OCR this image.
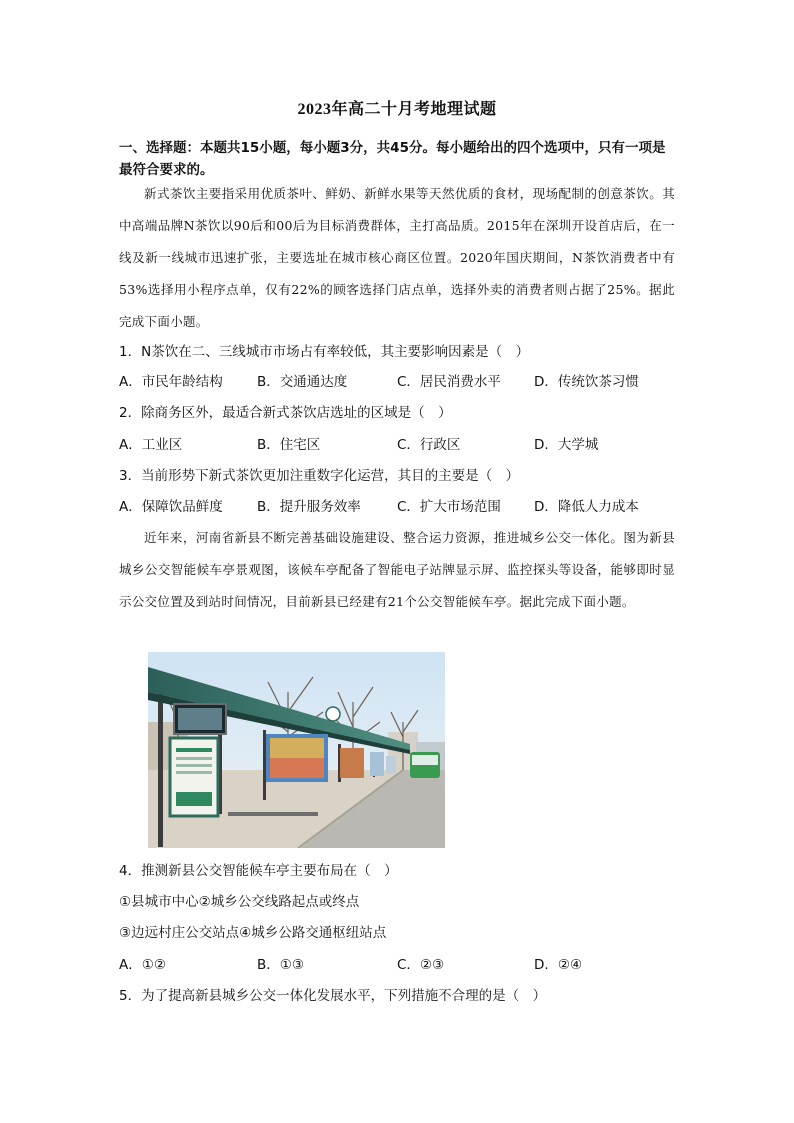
2023年高二十月考地理试题
一、选择题：本题共15小题，每小题3分，共45分。每小题给出的四个选项中，只有一项是最符合要求的。

新式茶饮主要指采用优质茶叶、鲜奶、新鲜水果等天然优质的食材，现场配制的创意茶饮。其中高端品牌N茶饮以90后和00后为目标消费群体，主打高品质。2015年在深圳开设首店后，在一线及新一线城市迅速扩张，主要选址在城市核心商区位置。2020年国庆期间，N茶饮消费者中有53%选择用小程序点单，仅有22%的顾客选择门店点单，选择外卖的消费者则占据了25%。据此完成下面小题。

1．N茶饮在二、三线城市市场占有率较低，其主要影响因素是（　）
A．市民年龄结构	B．交通通达度	C．居民消费水平 D．传统饮茶习惯
2．除商务区外，最适合新式茶饮店选址的区域是（　）
A．工业区	B．住宅区	C．行政区	D．大学城
3．当前形势下新式茶饮更加注重数字化运营，其目的主要是（　）
A．保障饮品鲜度	B．提升服务效率	C．扩大市场范围 D．降低人力成本

近年来，河南省新县不断完善基础设施建设、整合运力资源，推进城乡公交一体化。图为新县城乡公交智能候车亭景观图，该候车亭配备了智能电子站牌显示屏、监控探头等设备，能够即时显示公交位置及到站时间情况，目前新县已经建有21个公交智能候车亭。据此完成下面小题。

4．推测新县公交智能候车亭主要布局在（　）
①县城市中心②城乡公交线路起点或终点
③边远村庄公交站点④城乡公路交通枢纽站点
A．①②	B．①③	C．②③	D．②④
5．为了提高新县城乡公交一体化发展水平，下列措施不合理的是（　）
